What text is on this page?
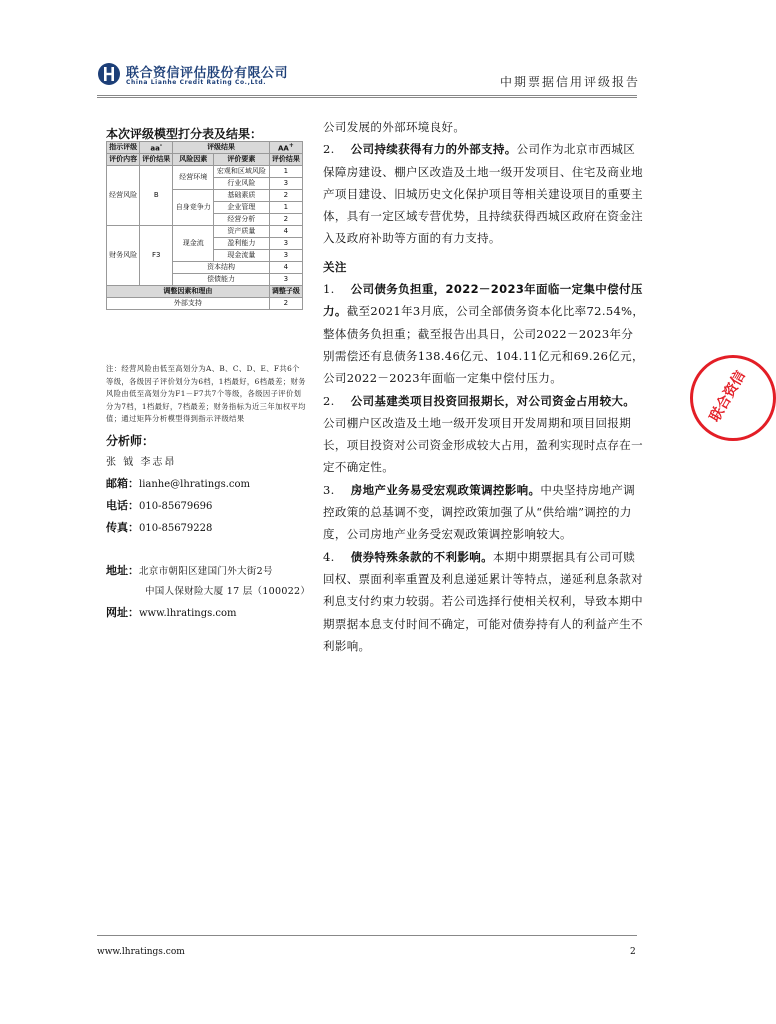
联合资信评估股份有限公司
China Lianhe Credit Rating Co.,Ltd.	中期票据信用评级报告
本次评级模型打分表及结果：
指示评级	aa-	评级结果		AA+
评价内容	评价结果	风险因素	评价要素	评价结果
经营风险	B	经营环境	宏观和区域风险	1
			行业风险	3
		自身竞争力	基础素质	2
			企业管理	1
			经营分析	2
财务风险	F3	现金流	资产质量	4
			盈利能力	3
			现金流量	3
		资本结构		4
		偿债能力		3
调整因素和理由				调整子级
外部支持				2
注：经营风险由低至高划分为A、B、C、D、E、F共6个等级，各级因子评价划分为6档，1档最好，6档最差；财务风险由低至高划分为F1－F7共7个等级，各级因子评价划分为7档，1档最好，7档最差；财务指标为近三年加权平均值；通过矩阵分析模型得到指示评级结果
分析师：
张 钺 李志昂
邮箱：lianhe@lhratings.com
电话：010-85679696
传真：010-85679228
地址：北京市朝阳区建国门外大街2号
中国人保财险大厦 17 层（100022）
网址：www.lhratings.com

公司发展的外部环境良好。

2. 公司持续获得有力的外部支持。公司作为北京市西城区保障房建设、棚户区改造及土地一级开发项目、住宅及商业地产项目建设、旧城历史文化保护项目等相关建设项目的重要主体，具有一定区域专营优势，且持续获得西城区政府在资金注入及政府补助等方面的有力支持。

关注

1. 公司债务负担重，2022－2023年面临一定集中偿付压力。截至2021年3月底，公司全部债务资本化比率72.54%，整体债务负担重；截至报告出具日，公司2022－2023年分别需偿还有息债务138.46亿元、104.11亿元和69.26亿元，公司2022－2023年面临一定集中偿付压力。

2. 公司基建类项目投资回报期长，对公司资金占用较大。公司棚户区改造及土地一级开发项目开发周期和项目回报期长，项目投资对公司资金形成较大占用，盈利实现时点存在一定不确定性。

3. 房地产业务易受宏观政策调控影响。中央坚持房地产调控政策的总基调不变，调控政策加强了从“供给端”调控的力度，公司房地产业务受宏观政策调控影响较大。

4. 债券特殊条款的不利影响。本期中期票据具有公司可赎回权、票面利率重置及利息递延累计等特点，递延利息条款对利息支付约束力较弱。若公司选择行使相关权利，导致本期中期票据本息支付时间不确定，可能对债券持有人的利益产生不利影响。

联合资信
www.lhratings.com	2
